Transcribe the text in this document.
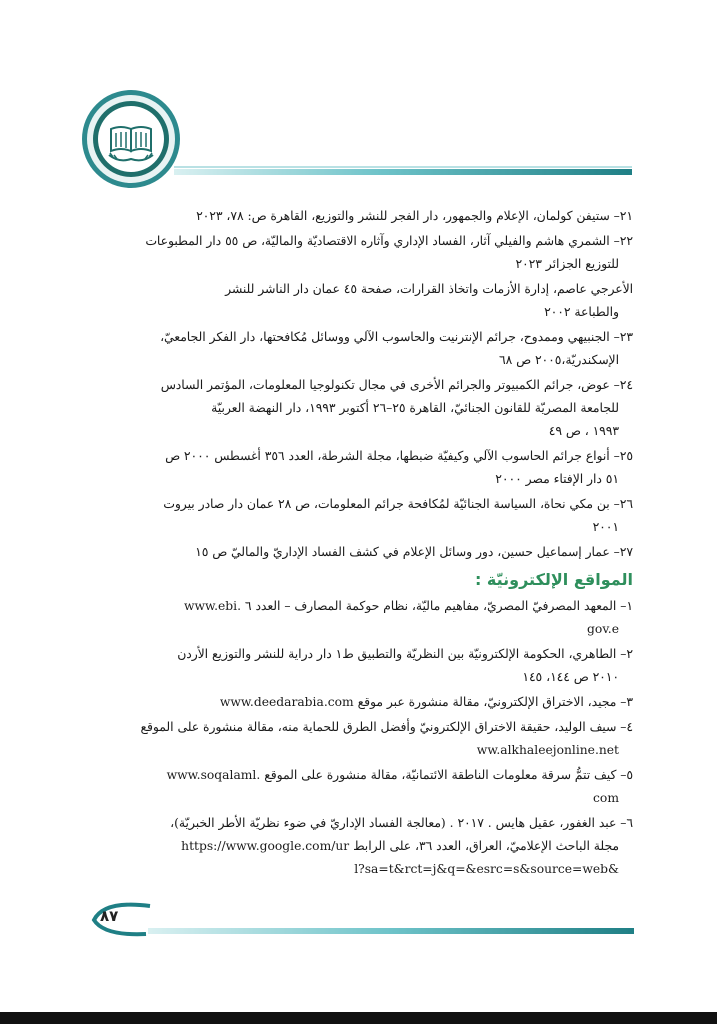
٢١– ستيفن كولمان، الإعلام والجمهور، دار الفجر للنشر والتوزيع، القاهرة ص: ٧٨، ٢٠٢٣
٢٢– الشمري هاشم والفيلي آثار، الفساد الإداري وآثاره الاقتصاديّة والماليّة، ص ٥٥ دار المطبوعات
للتوزيع الجزائر ٢٠٢٣
الأعرجي عاصم، إدارة الأزمات واتخاذ القرارات، صفحة ٤٥ عمان دار الناشر للنشر
والطباعة ٢٠٠٢
٢٣– الجنبيهي وممدوح، جرائم الإنترنيت والحاسوب الآلي ووسائل مُكافحتها، دار الفكر الجامعيّ،
الإسكندريّة،٢٠٠٥ ص ٦٨
٢٤– عوض، جرائم الكمبيوتر والجرائم الأخرى في مجال تكنولوجيا المعلومات، المؤتمر السادس
للجامعة المصريّة للقانون الجنائيّ، القاهرة ٢٥–٢٦ أكتوبر ١٩٩٣، دار النهضة العربيّة
١٩٩٣ ، ص ٤٩
٢٥– أنواع جرائم الحاسوب الآلي وكيفيّة ضبطها، مجلة الشرطة، العدد ٣٥٦ أغسطس ٢٠٠٠ ص
٥١ دار الإفتاء مصر ٢٠٠٠
٢٦– بن مكي نحاة، السياسة الجنائيّة لمُكافحة جرائم المعلومات، ص ٢٨ عمان دار صادر بيروت
٢٠٠١
٢٧– عمار إسماعيل حسين، دور وسائل الإعلام في كشف الفساد الإداريّ والماليّ ص ١٥
المواقع الإلكترونيّة :
١– المعهد المصرفيّ المصريّ، مفاهيم ماليّة، نظام حوكمة المصارف – العدد ٦ .www.ebi
gov.e
٢– الطاهري، الحكومة الإلكترونيّة بين النظريّة والتطبيق ط١ دار دراية للنشر والتوزيع الأردن
٢٠١٠ ص ١٤٤، ١٤٥
٣– مجيد، الاختراق الإلكترونيّ، مقالة منشورة عبر موقع www.deedarabia.com
٤– سيف الوليد، حقيقة الاختراق الإلكترونيّ وأفضل الطرق للحماية منه، مقالة منشورة على الموقع
ww.alkhaleejonline.net
٥– كيف تتمُّ سرقة معلومات الناطقة الائتمانيّة، مقالة منشورة على الموقع .www.soqalaml
com
٦– عبد الغفور، عقيل هايس . ٢٠١٧ . (معالجة الفساد الإداريّ في ضوء نظريّة الأطر الخبريّة)،
مجلة الباحث الإعلاميّ، العراق، العدد ٣٦، على الرابط https://www.google.com/ur
&l?sa=t&rct=j&q=&esrc=s&source=web
٨٧
